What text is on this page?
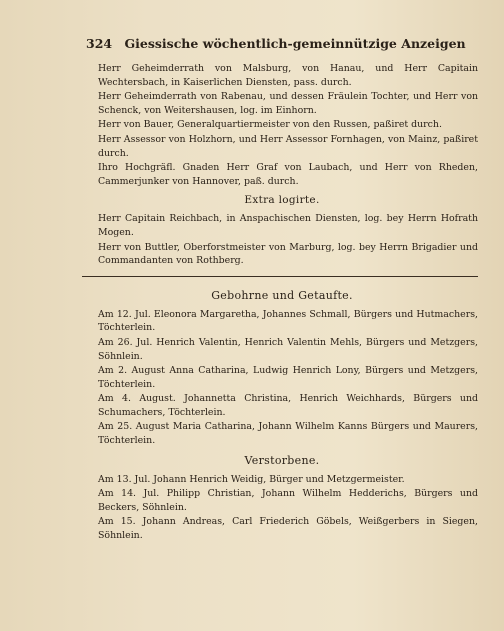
324 Giessische wöchentlich-gemeinnützige Anzeigen
Herr Geheimderrath von Malsburg, von Hanau, und Herr Capitain Wechtersbach, in Kaiserlichen Diensten, pass. durch.
Herr Geheimderrath von Rabenau, und dessen Fräulein Tochter, und Herr von Schenck, von Weitershausen, log. im Einhorn.
Herr von Bauer, Generalquartiermeister von den Russen, paßiret durch.
Herr Assessor von Holzhorn, und Herr Assessor Fornhagen, von Mainz, paßiret durch.
Ihro Hochgräfl. Gnaden Herr Graf von Laubach, und Herr von Rheden, Cammerjunker von Hannover, paß. durch.
Extra logirte.
Herr Capitain Reichbach, in Anspachischen Diensten, log. bey Herrn Hofrath Mogen.
Herr von Buttler, Oberforstmeister von Marburg, log. bey Herrn Brigadier und Commandanten von Rothberg.
Gebohrne und Getaufte.
Am 12. Jul. Eleonora Margaretha, Johannes Schmall, Bürgers und Hutmachers, Töchterlein.
Am 26. Jul. Henrich Valentin, Henrich Valentin Mehls, Bürgers und Metzgers, Söhnlein.
Am 2. August Anna Catharina, Ludwig Henrich Lony, Bürgers und Metzgers, Töchterlein.
Am 4. August. Johannetta Christina, Henrich Weichhards, Bürgers und Schumachers, Töchterlein.
Am 25. August Maria Catharina, Johann Wilhelm Kanns Bürgers und Maurers, Töchterlein.
Verstorbene.
Am 13. Jul. Johann Henrich Weidig, Bürger und Metzgermeister.
Am 14. Jul. Philipp Christian, Johann Wilhelm Hedderichs, Bürgers und Beckers, Söhnlein.
Am 15. Johann Andreas, Carl Friederich Göbels, Weißgerbers in Siegen, Söhnlein.
